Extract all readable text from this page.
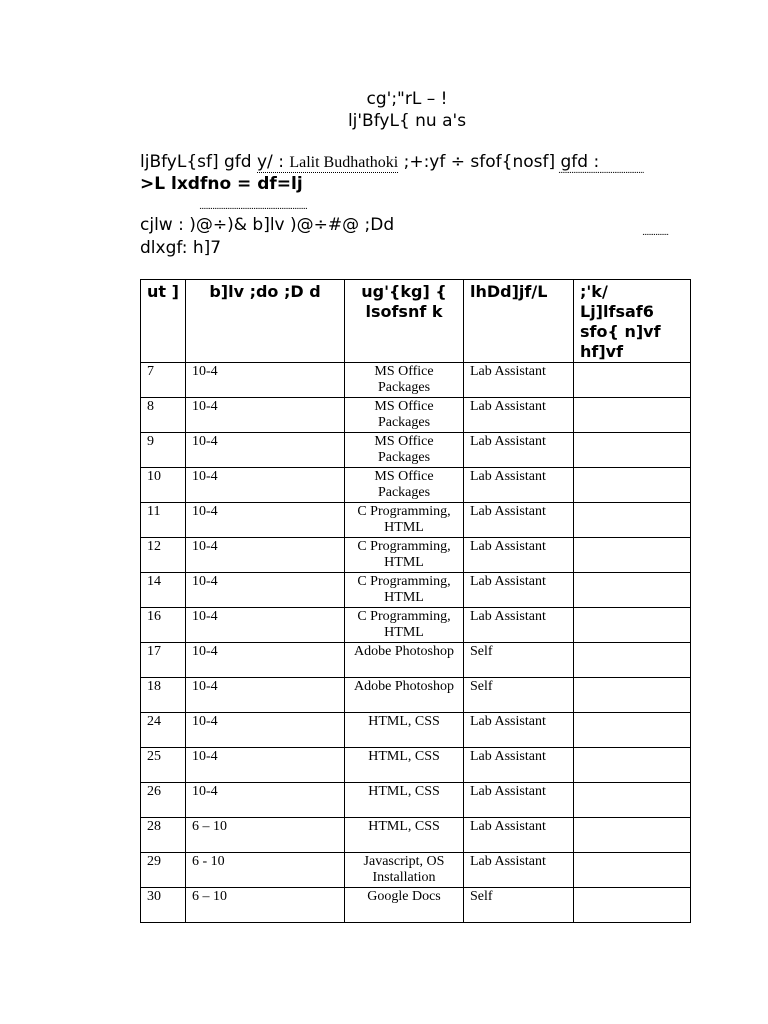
cg';"rL – !
lj'BfyL{ nu a's
ljBfyL{sf] gfd y/ : Lalit Budhathoki ;+:yf ÷ sfof{nosf] gfd :
..............................................
>L lxdfno = df=lj
..........................................................
cjlw : )@÷)& b]lv )@÷#@ ;Dd	..............
dlxgf: h]7
ut ]	b]lv ;do ;D d	ug'{kg] { lsofsnf k	lhDd]jf/L	;'k/ Lj]lfsaf6 sfo{ n]vf hf]vf
7	10-4	MS Office Packages	Lab Assistant	
8	10-4	MS Office Packages	Lab Assistant	
9	10-4	MS Office Packages	Lab Assistant	
10	10-4	MS Office Packages	Lab Assistant	
11	10-4	C Programming, HTML	Lab Assistant	
12	10-4	C Programming, HTML	Lab Assistant	
14	10-4	C Programming, HTML	Lab Assistant	
16	10-4	C Programming, HTML	Lab Assistant	
17	10-4	Adobe Photoshop	Self	
18	10-4	Adobe Photoshop	Self	
24	10-4	HTML, CSS	Lab Assistant	
25	10-4	HTML, CSS	Lab Assistant	
26	10-4	HTML, CSS	Lab Assistant	
28	6 – 10	HTML, CSS	Lab Assistant	
29	6 - 10	Javascript, OS Installation	Lab Assistant	
30	6 – 10	Google Docs	Self	
